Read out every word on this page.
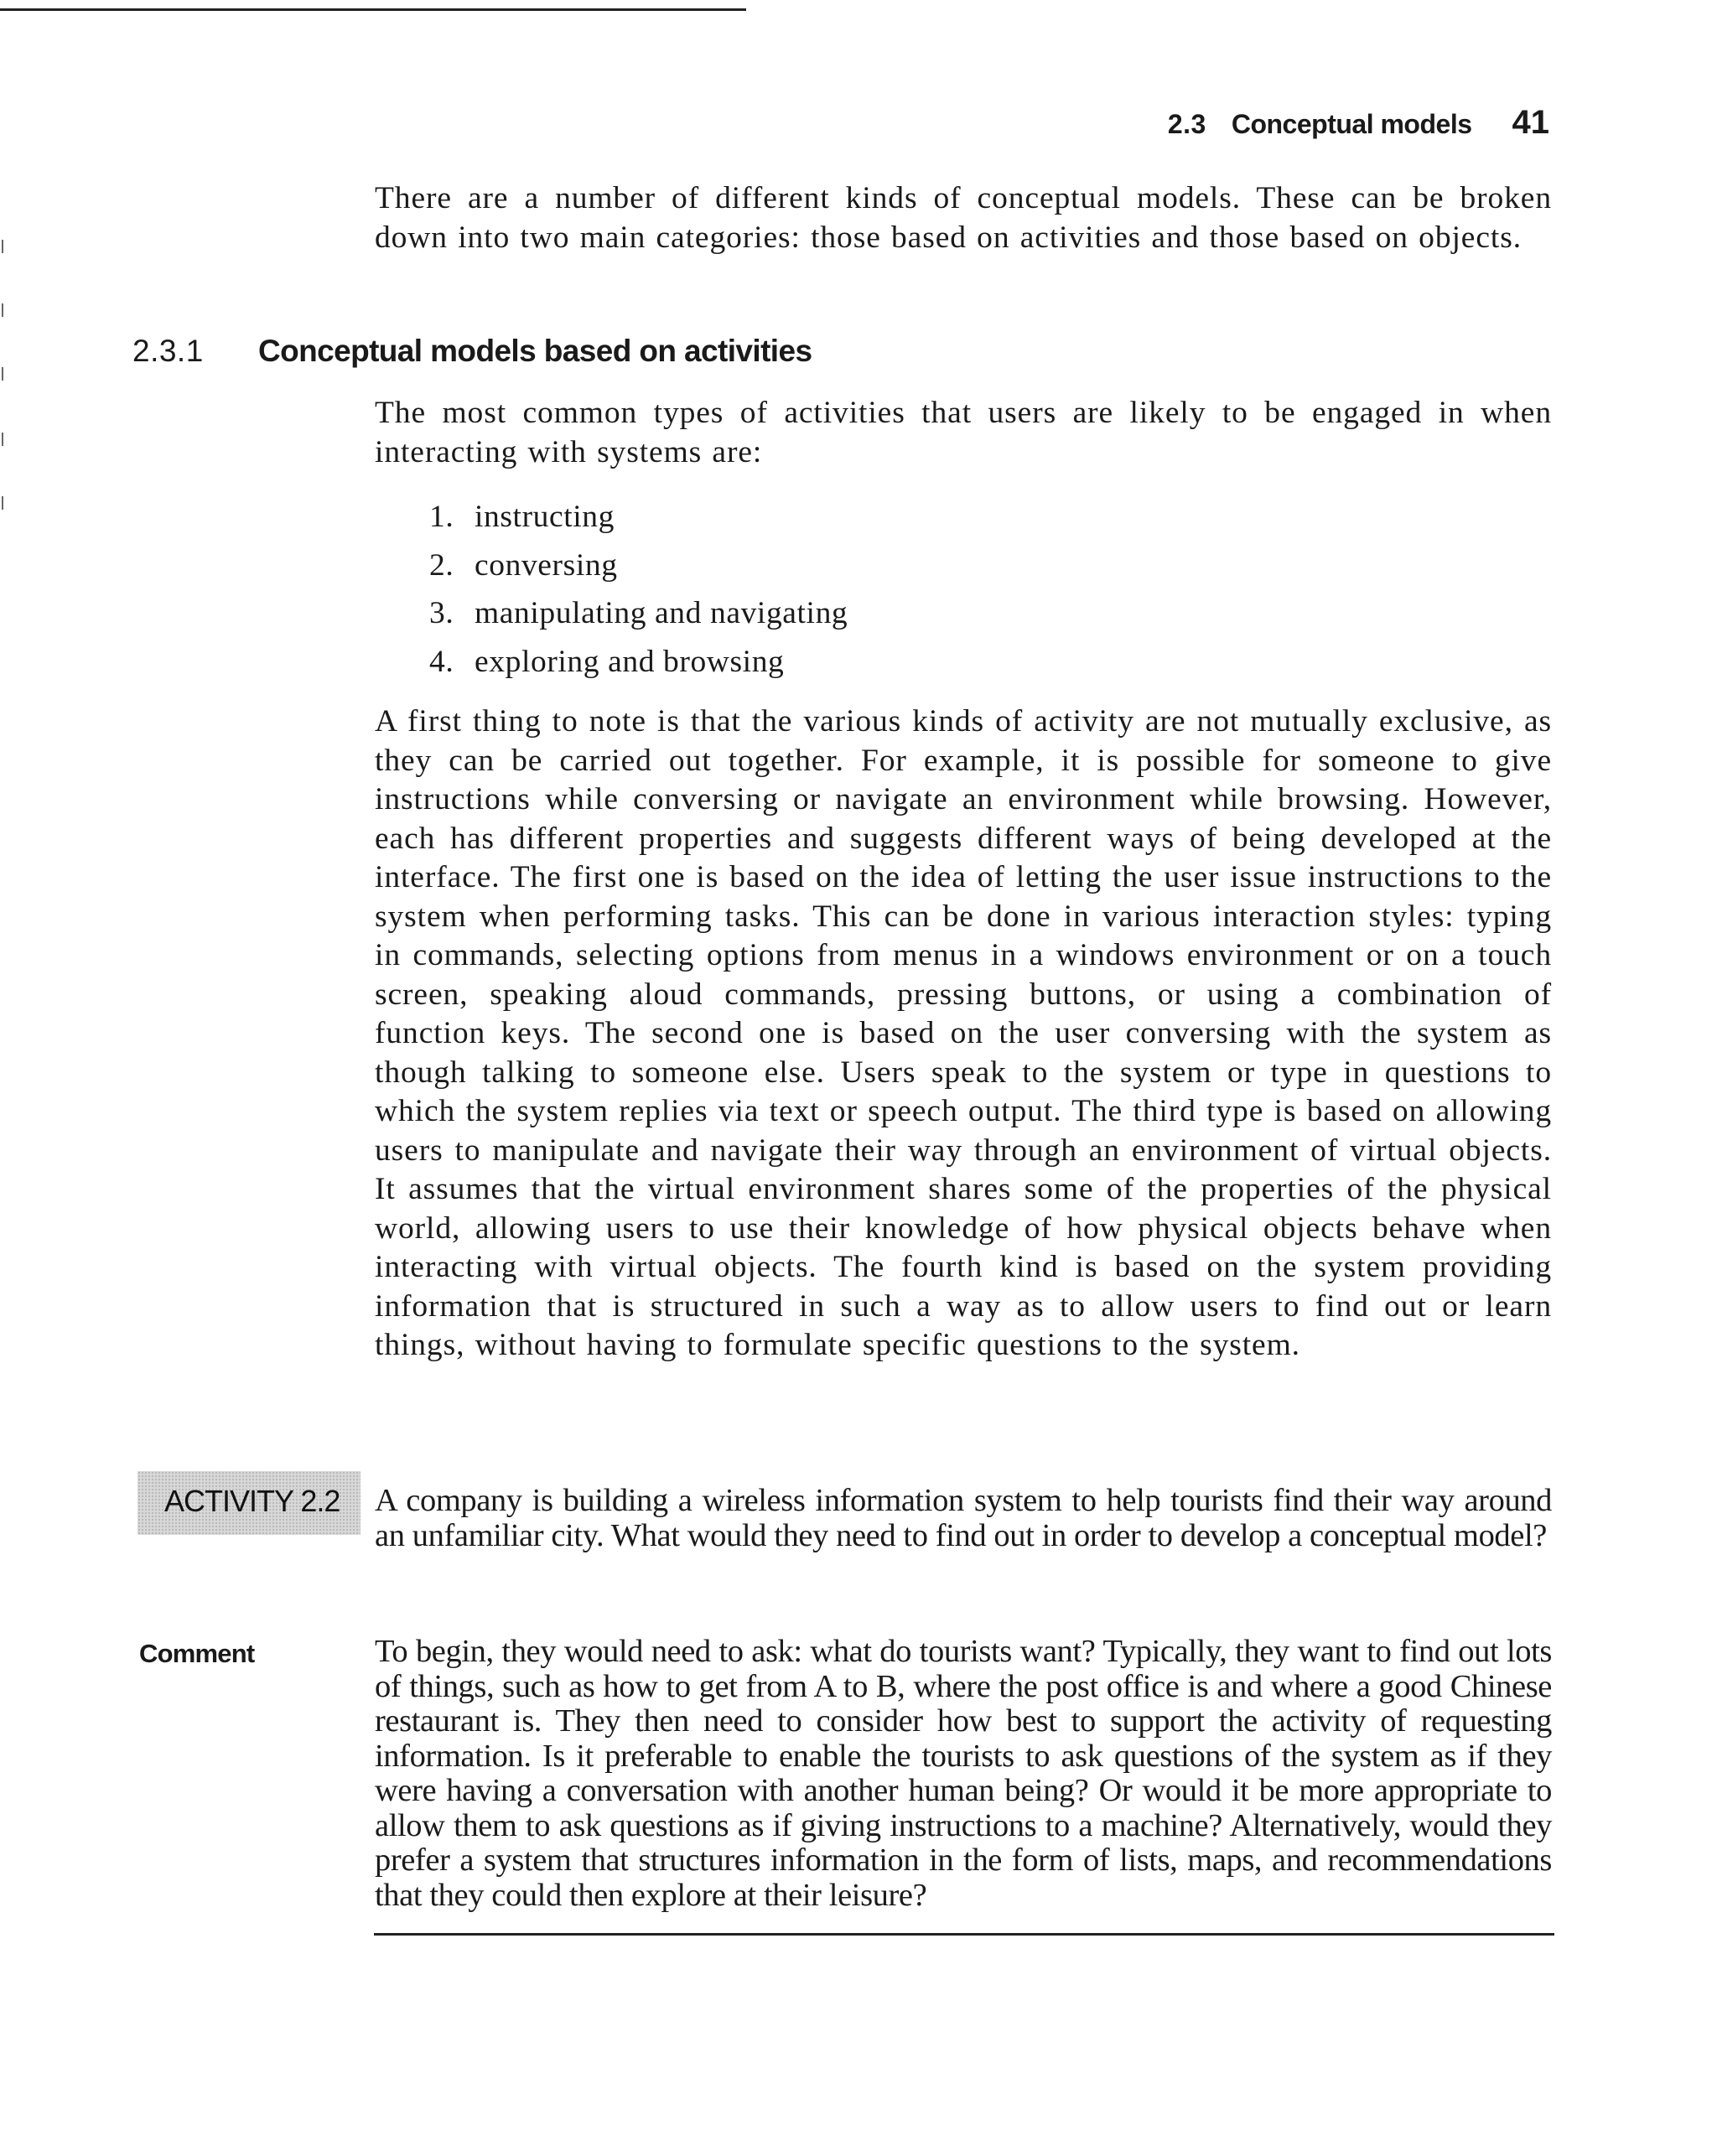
2.3 Conceptual models 41

There are a number of different kinds of conceptual models. These can be broken down into two main categories: those based on activities and those based on objects.

2.3.1	Conceptual models based on activities

The most common types of activities that users are likely to be engaged in when interacting with systems are:

1. instructing
2. conversing
3. manipulating and navigating
4. exploring and browsing

A first thing to note is that the various kinds of activity are not mutually exclusive, as they can be carried out together. For example, it is possible for someone to give instructions while conversing or navigate an environment while browsing. However, each has different properties and suggests different ways of being developed at the interface. The first one is based on the idea of letting the user issue instructions to the system when performing tasks. This can be done in various interaction styles: typing in commands, selecting options from menus in a windows environment or on a touch screen, speaking aloud commands, pressing buttons, or using a combination of function keys. The second one is based on the user conversing with the system as though talking to someone else. Users speak to the system or type in questions to which the system replies via text or speech output. The third type is based on allowing users to manipulate and navigate their way through an environment of virtual objects. It assumes that the virtual environment shares some of the properties of the physical world, allowing users to use their knowledge of how physical objects behave when interacting with virtual objects. The fourth kind is based on the system providing information that is structured in such a way as to allow users to find out or learn things, without having to formulate specific questions to the system.

ACTIVITY 2.2 A company is building a wireless information system to help tourists find their way around an unfamiliar city. What would they need to find out in order to develop a conceptual model?

Comment	To begin, they would need to ask: what do tourists want? Typically, they want to find out lots of things, such as how to get from A to B, where the post office is and where a good Chinese restaurant is. They then need to consider how best to support the activity of requesting information. Is it preferable to enable the tourists to ask questions of the system as if they were having a conversation with another human being? Or would it be more appropriate to allow them to ask questions as if giving instructions to a machine? Alternatively, would they prefer a system that structures information in the form of lists, maps, and recommendations that they could then explore at their leisure?
